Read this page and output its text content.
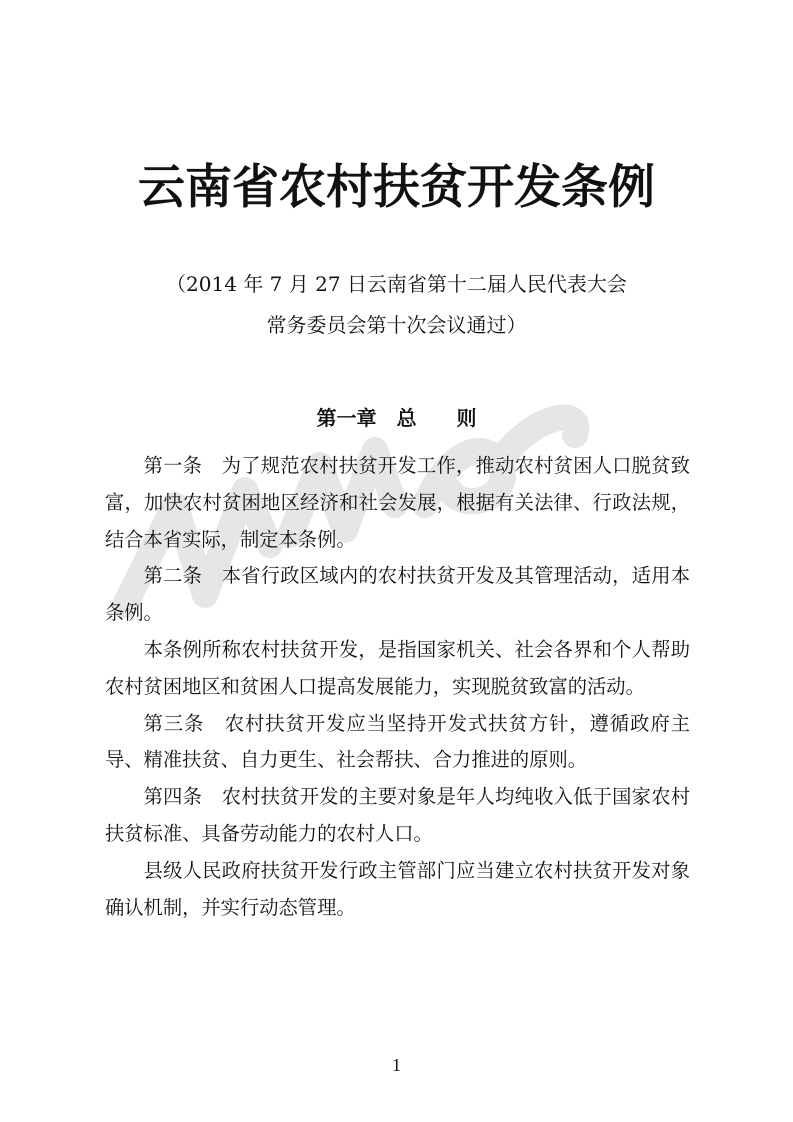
云南省农村扶贫开发条例
（2014 年 7 月 27 日云南省第十二届人民代表大会
常务委员会第十次会议通过）
第一章　总　　则

第一条　为了规范农村扶贫开发工作，推动农村贫困人口脱贫致富，加快农村贫困地区经济和社会发展，根据有关法律、行政法规，结合本省实际，制定本条例。

第二条　本省行政区域内的农村扶贫开发及其管理活动，适用本条例。

本条例所称农村扶贫开发，是指国家机关、社会各界和个人帮助农村贫困地区和贫困人口提高发展能力，实现脱贫致富的活动。

第三条　农村扶贫开发应当坚持开发式扶贫方针，遵循政府主导、精准扶贫、自力更生、社会帮扶、合力推进的原则。

第四条　农村扶贫开发的主要对象是年人均纯收入低于国家农村扶贫标准、具备劳动能力的农村人口。

县级人民政府扶贫开发行政主管部门应当建立农村扶贫开发对象确认机制，并实行动态管理。

1
